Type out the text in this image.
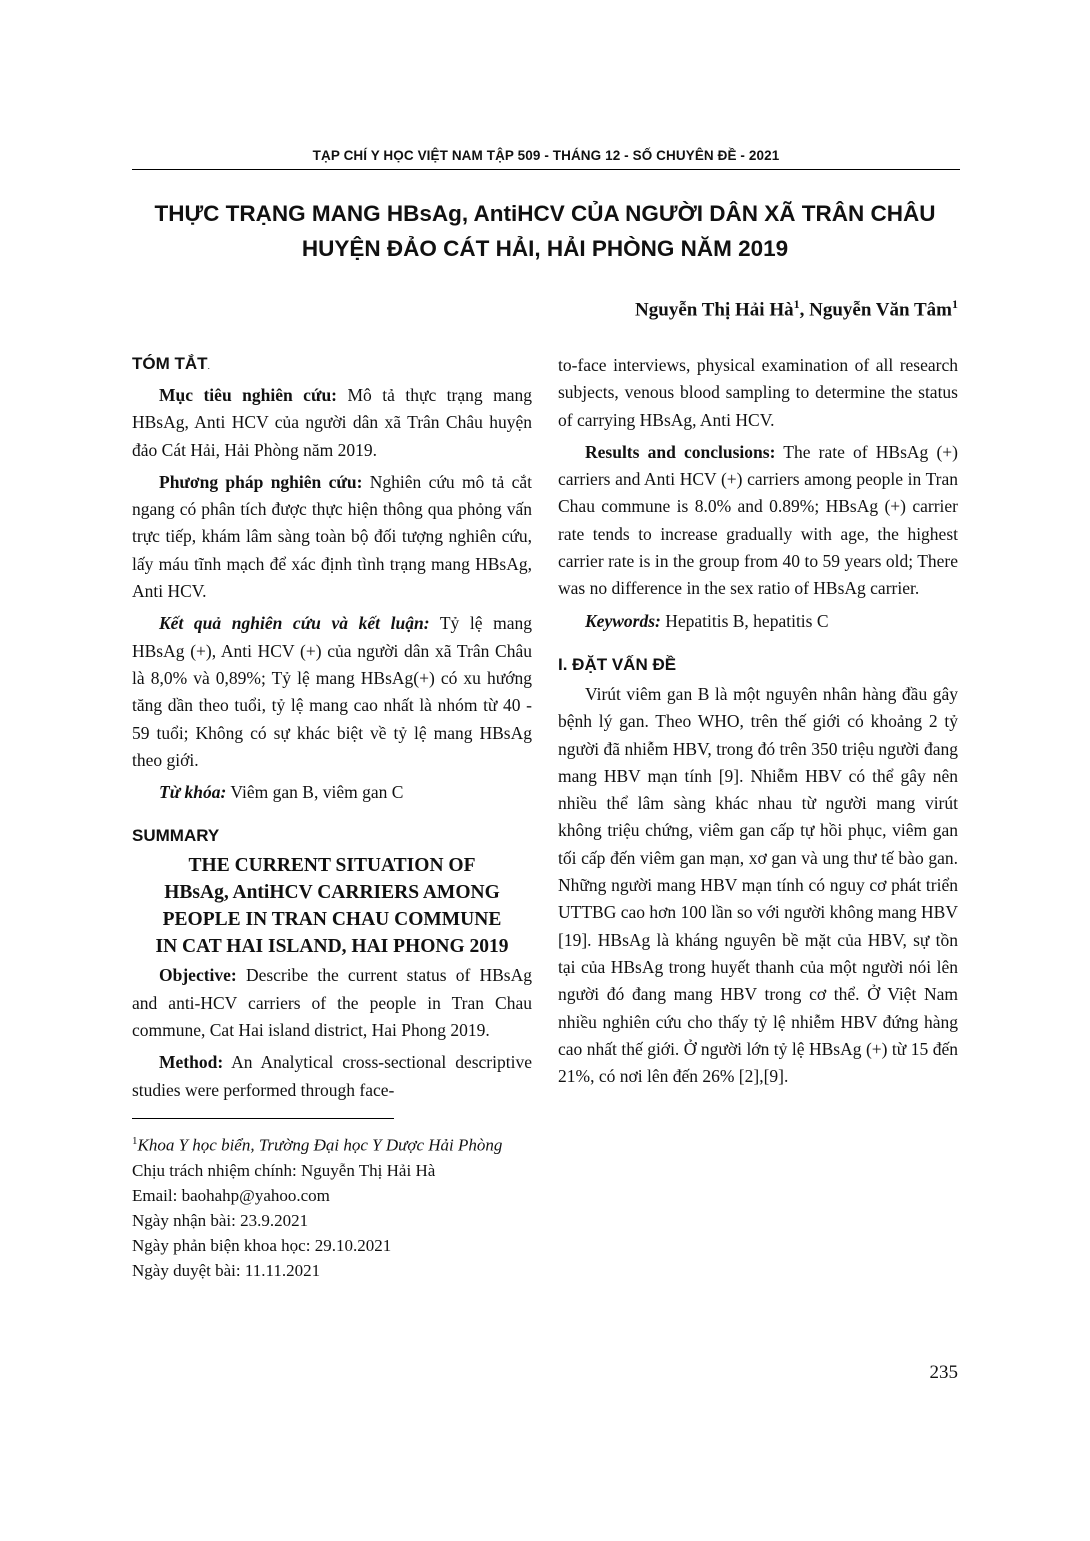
TẠP CHÍ Y HỌC VIỆT NAM TẬP 509 - THÁNG 12 - SỐ CHUYÊN ĐỀ - 2021
THỰC TRẠNG MANG HBsAg, AntiHCV CỦA NGƯỜI DÂN XÃ TRÂN CHÂU
HUYỆN ĐẢO CÁT HẢI, HẢI PHÒNG NĂM 2019
Nguyễn Thị Hải $Hà^1$, Nguyễn Văn Tâm$^1$
TÓM TẮT.

Mục tiêu nghiên cứu: Mô tả thực trạng mang HBsAg, Anti HCV của người dân xã Trân Châu huyện đảo Cát Hải, Hải Phòng năm 2019.

Phương pháp nghiên cứu: Nghiên cứu mô tả cắt ngang có phân tích được thực hiện thông qua phỏng vấn trực tiếp, khám lâm sàng toàn bộ đối tượng nghiên cứu, lấy máu tĩnh mạch để xác định tình trạng mang HBsAg, Anti HCV.

Kết quả nghiên cứu và kết luận: Tỷ lệ mang HBsAg (+), Anti HCV (+) của người dân xã Trân Châu là 8,0% và 0,89%; Tỷ lệ mang HBsAg(+) có xu hướng tăng dần theo tuổi, tỷ lệ mang cao nhất là nhóm từ 40 - 59 tuổi; Không có sự khác biệt về tỷ lệ mang HBsAg theo giới.

Từ khóa: Viêm gan B, viêm gan C

SUMMARY
THE CURRENT SITUATION OF
HBsAg, AntiHCV CARRIERS AMONG
PEOPLE IN TRAN CHAU COMMUNE
IN CAT HAI ISLAND, HAI PHONG 2019

Objective: Describe the current status of HBsAg and anti-HCV carriers of the people in Tran Chau commune, Cat Hai island district, Hai Phong 2019.

Method: An Analytical cross-sectional descriptive studies were performed through face-

$^1$Khoa Y học biển, Trường Đại học Y Dược Hải Phòng

Chịu trách nhiệm chính: Nguyễn Thị Hải Hà

Email: baohahp@yahoo.com

Ngày nhận bài: 23.9.2021

Ngày phản biện khoa học: 29.10.2021

Ngày duyệt bài: 11.11.2021

to-face interviews, physical examination of all research subjects, venous blood sampling to determine the status of carrying HBsAg, Anti HCV.

Results and conclusions: The rate of HBsAg (+) carriers and Anti HCV (+) carriers among people in Tran Chau commune is 8.0% and 0.89%; HBsAg (+) carrier rate tends to increase gradually with age, the highest carrier rate is in the group from 40 to 59 years old; There was no difference in the sex ratio of HBsAg carrier.

Keywords: Hepatitis B, hepatitis C

I. ĐẶT VẤN ĐỀ

Virút viêm gan B là một nguyên nhân hàng đầu gây bệnh lý gan. Theo WHO, trên thế giới có khoảng 2 tỷ người đã nhiễm HBV, trong đó trên 350 triệu người đang mang HBV mạn tính [9]. Nhiễm HBV có thể gây nên nhiều thể lâm sàng khác nhau từ người mang virút không triệu chứng, viêm gan cấp tự hồi phục, viêm gan tối cấp đến viêm gan mạn, xơ gan và ung thư tế bào gan. Những người mang HBV mạn tính có nguy cơ phát triển UTTBG cao hơn 100 lần so với người không mang HBV [19]. HBsAg là kháng nguyên bề mặt của HBV, sự tồn tại của HBsAg trong huyết thanh của một người nói lên người đó đang mang HBV trong cơ thể. Ở Việt Nam nhiều nghiên cứu cho thấy tỷ lệ nhiễm HBV đứng hàng cao nhất thế giới. Ở người lớn tỷ lệ HBsAg (+) từ 15 đến 21%, có nơi lên đến 26% [2],[9].

235
